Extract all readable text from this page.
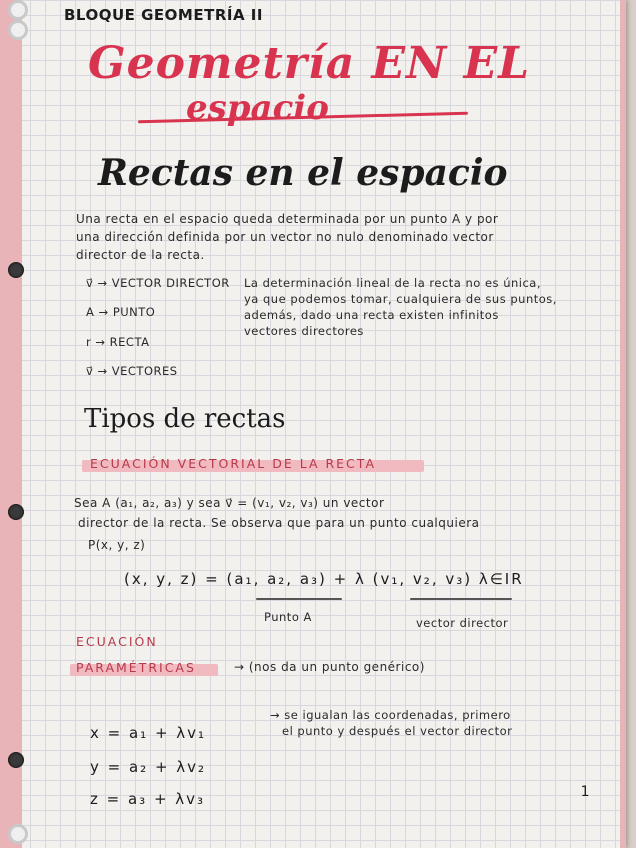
BLOQUE GEOMETRÍA II
Geometría EN EL
espacio
Rectas en el espacio
Una recta en el espacio queda determinada por un punto A y por
una dirección definida por un vector no nulo denominado vector
director de la recta.
v⃗ → VECTOR DIRECTOR
A → PUNTO
r → RECTA
v⃗ → VECTORES
La determinación lineal de la recta no es única,
ya que podemos tomar, cualquiera de sus puntos,
además, dado una recta existen infinitos
vectores directores
Tipos de rectas
ECUACIÓN VECTORIAL DE LA RECTA
Sea A (a₁, a₂, a₃) y sea v⃗ = (v₁, v₂, v₃) un vector
director de la recta. Se observa que para un punto cualquiera
P(x, y, z)
(x, y, z) = (a₁, a₂, a₃) + λ (v₁, v₂, v₃) λ∈IR
Punto A	vector director
ECUACIÓN
PARAMÉTRICAS	→ (nos da un punto genérico)
→ se igualan las coordenadas, primero
el punto y después el vector director
x = a₁ + λv₁
y = a₂ + λv₂
z = a₃ + λv₃	1
